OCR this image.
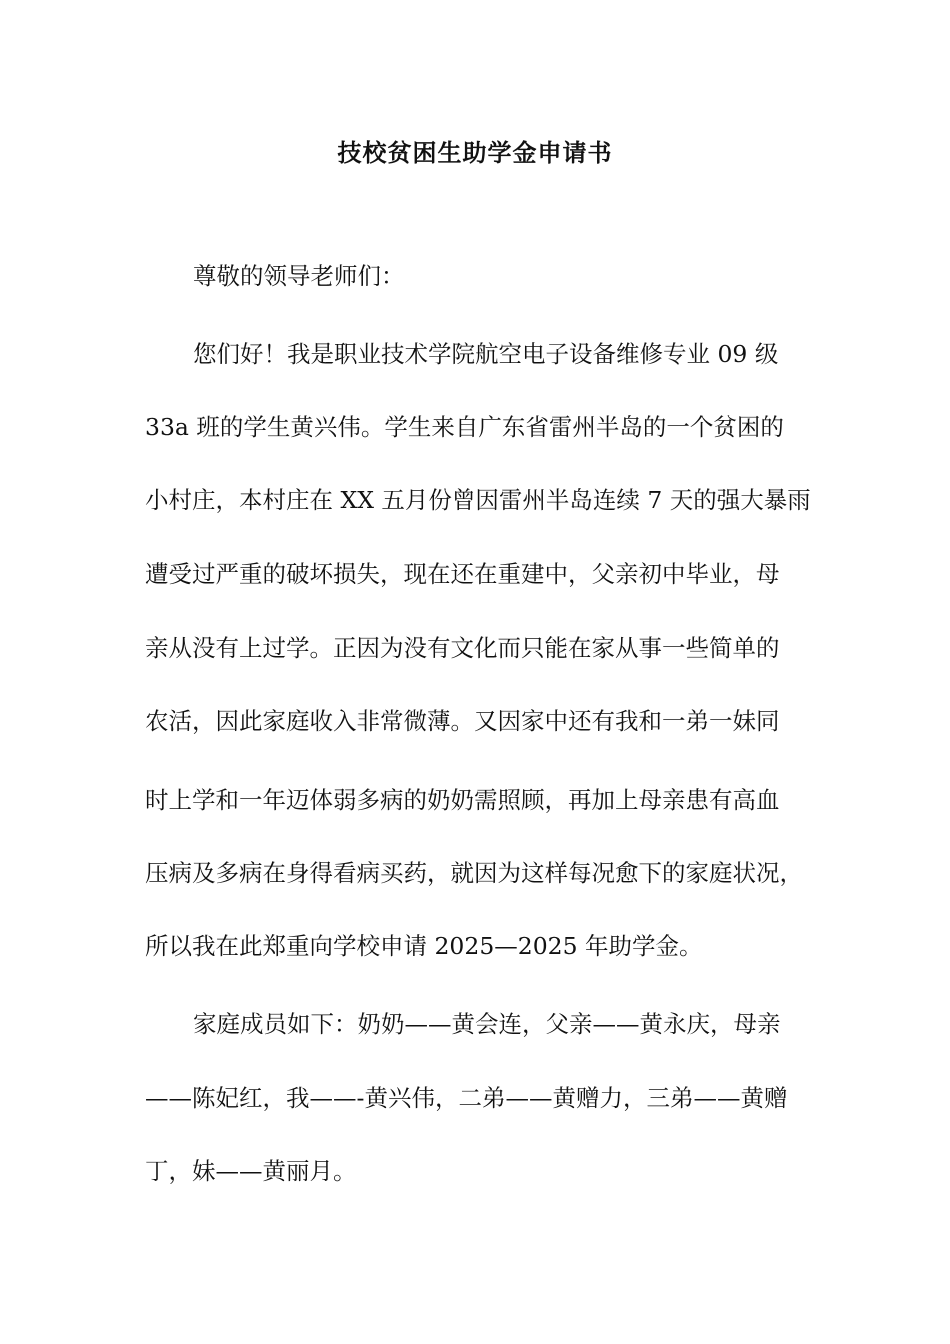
技校贫困生助学金申请书
尊敬的领导老师们：
您们好！我是职业技术学院航空电子设备维修专业 09 级
33a 班的学生黄兴伟。学生来自广东省雷州半岛的一个贫困的
小村庄，本村庄在 XX 五月份曾因雷州半岛连续 7 天的强大暴雨
遭受过严重的破坏损失，现在还在重建中，父亲初中毕业，母
亲从没有上过学。正因为没有文化而只能在家从事一些简单的
农活，因此家庭收入非常微薄。又因家中还有我和一弟一妹同
时上学和一年迈体弱多病的奶奶需照顾，再加上母亲患有高血
压病及多病在身得看病买药，就因为这样每况愈下的家庭状况，
所以我在此郑重向学校申请 2025—2025 年助学金。
家庭成员如下：奶奶——黄会连，父亲——黄永庆，母亲
——陈妃红，我——-黄兴伟，二弟——黄赠力，三弟——黄赠
丁，妹——黄丽月。
